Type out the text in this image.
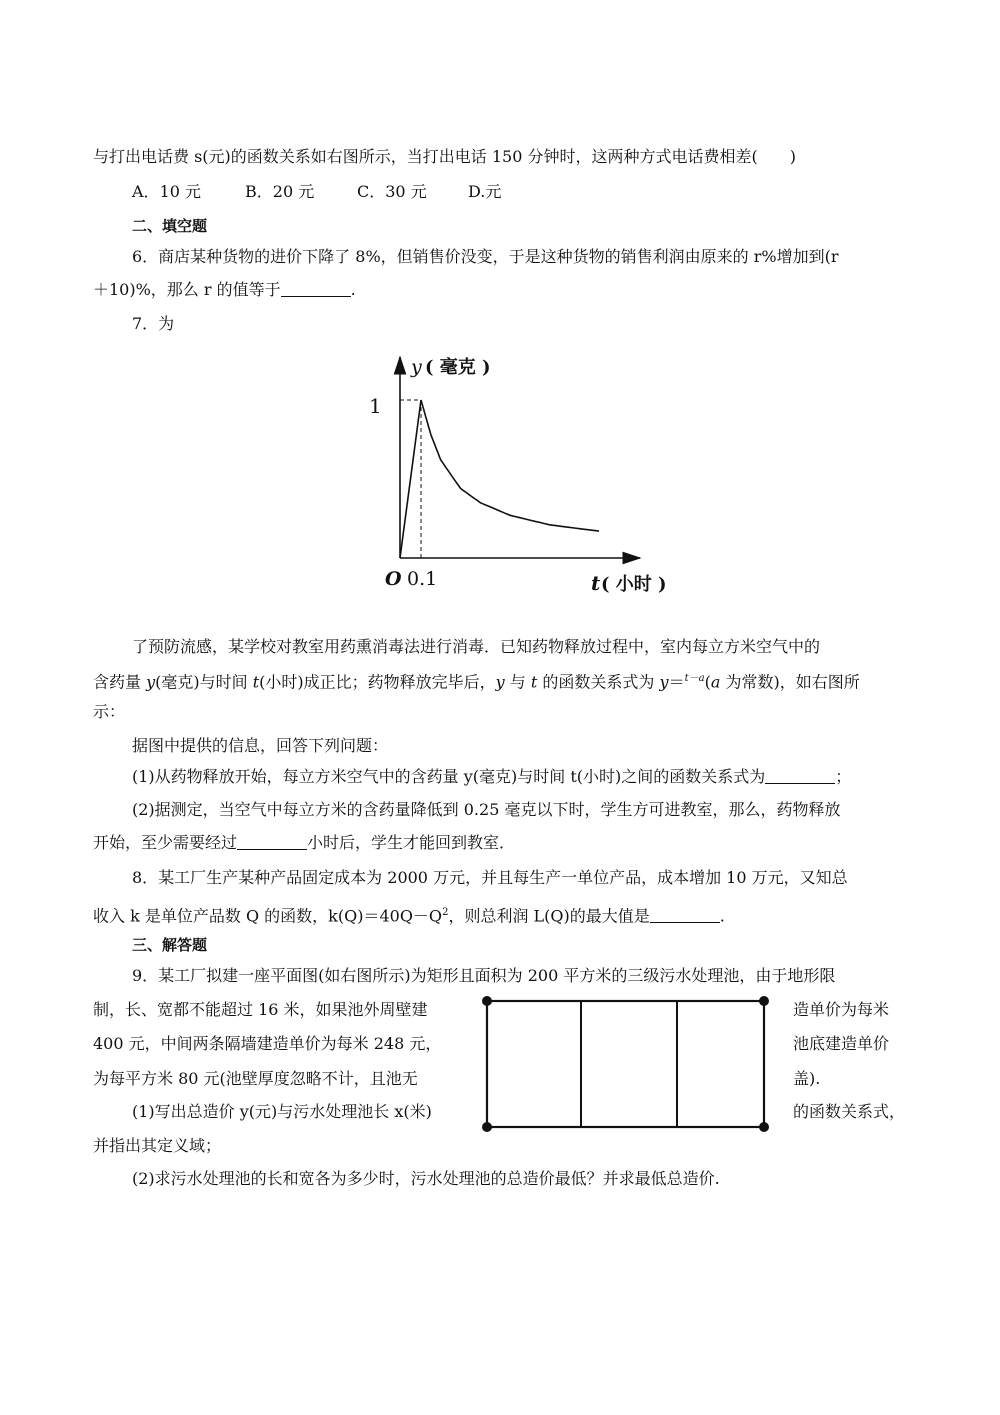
与打出电话费 s(元)的函数关系如右图所示，当打出电话 150 分钟时，这两种方式电话费相差(　　)
A．10 元	B．20 元	C．30 元	D.元
二、填空题
6．商店某种货物的进价下降了 8%，但销售价没变，于是这种货物的销售利润由原来的 r%增加到(r
＋10)%，那么 r 的值等于	.
7．为
y ( 毫克 )
1
O 0.1	t ( 小时 )
了预防流感，某学校对教室用药熏消毒法进行消毒．已知药物释放过程中，室内每立方米空气中的
含药量 y(毫克)与时间 t(小时)成正比；药物释放完毕后，y 与 t 的函数关系式为 y＝$^{t-a}$(a 为常数)，如右图所
示：
据图中提供的信息，回答下列问题：
(1)从药物释放开始，每立方米空气中的含药量 y(毫克)与时间 t(小时)之间的函数关系式为	；
(2)据测定，当空气中每立方米的含药量降低到 0.25 毫克以下时，学生方可进教室，那么，药物释放
开始，至少需要经过	小时后，学生才能回到教室．
8．某工厂生产某种产品固定成本为 2000 万元，并且每生产一单位产品，成本增加 10 万元，又知总
收入 k 是单位产品数 Q 的函数，$k(Q)=40Q-Q^2$，则总利润 L(Q)的最大值是	.
三、解答题
9．某工厂拟建一座平面图(如右图所示)为矩形且面积为 200 平方米的三级污水处理池，由于地形限
制，长、宽都不能超过 16 米，如果池外周壁建	造单价为每米
400 元，中间两条隔墙建造单价为每米 248 元，	池底建造单价
为每平方米 80 元(池壁厚度忽略不计，且池无	盖).
(1)写出总造价 y(元)与污水处理池长 x(米)	的函数关系式，
并指出其定义域；
(2)求污水处理池的长和宽各为多少时，污水处理池的总造价最低？并求最低总造价.
